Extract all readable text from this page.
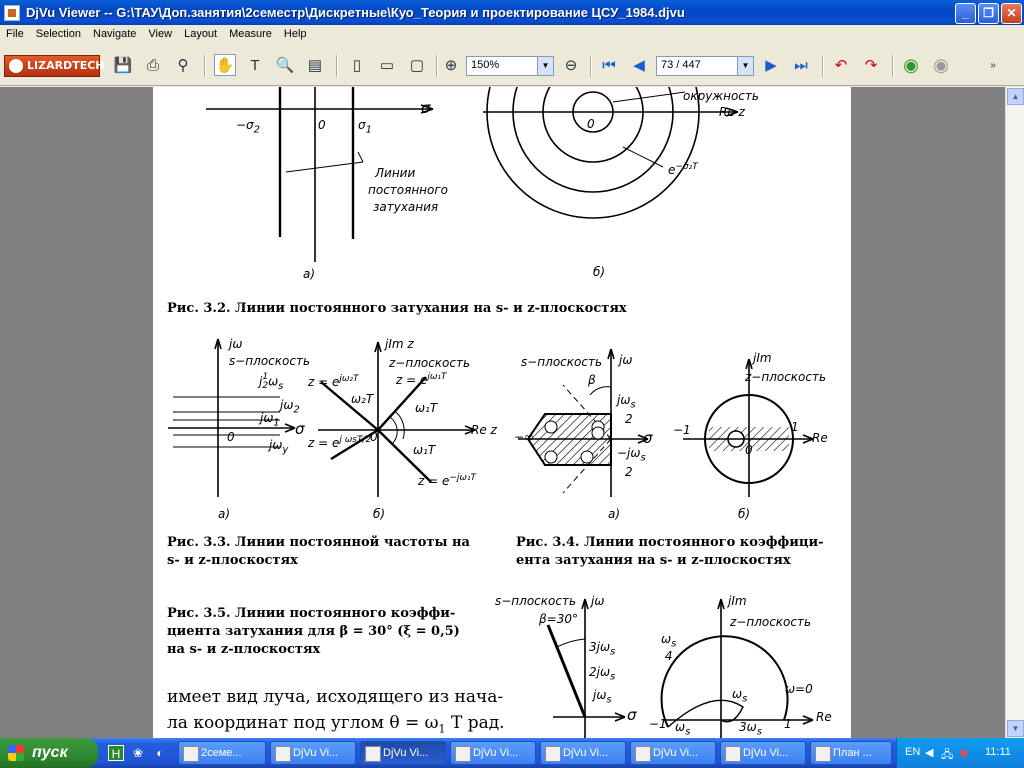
DjVu Viewer -- G:\ТАУ\Доп.занятия\2семестр\Дискретные\Куо_Теория и проектирование ЦСУ_1984.djvu	_	❐	✕
File Selection Navigate View Layout Measure Help
LIZARDTECH 💾 ⎙	⚲	✋	T	🔍 ▤	▯	▭ ▢	⊕	150%	▼	⊖	⏮	◀	73 / 447	▼	▶	⏭	↶	↷ ◉ ◉	»
σ
$-\sigma_2$	0	$\sigma_1$
Линии
постоянного
затухания
а)
окружность
0
Re z
$e^{-\sigma_2T}$
б)
Рис. 3.2. Линии постоянного затухания на s- и z-плоскостях
jω
s−плоскость
j1
$2\omega_s$
$j\omega_2$
$j\omega_1$ σ
0
$j\omega_y$
а)
jIm z
z−плоскость
$z = e^{j\omega_2T}$	$z = e^{j\omega_1T}$
ω₂T
ω₁T
$z = e^{j \omega sT/2}$
0	Re z
ω₁T
$z = e^{-j\omega_1T}$
б)
Рис. 3.3. Линии постоянной частоты на
s- и z-плоскостях
s−плоскость jω
β
$j\omega_s$
2
−∞	σ
$-j\omega_s$
2
а)
jIm
z−плоскость
−1	1
Re
0
б)
Рис. 3.4. Линии постоянного коэффици-
ента затухания на s- и z-плоскостях
Рис. 3.5. Линии постоянного коэффи-
циента затухания для β = 30° (ξ = 0,5)
на s- и z-плоскостях
s−плоскость jω
β=30°
$3j\omega_s$
$2j\omega_s$
$j\omega_s$
σ
jIm
z−плоскость
$\omega_s$
4
$\omega_s$
ω=0
−1 $\omega_s$	$3\omega_s$
1 Re
имеет вид луча, исходящего из нача-
ла координат под углом $\theta = \omega_1$ T рад.
▲
▼
пуск	H	❀	◐	2семе...	DjVu Vi...	DjVu Vi...	DjVu Vi...	DjVu Vi...	DjVu Vi...	DjVu Vi...	План ...	EN ◀ 🖧 ◉ 11:11
